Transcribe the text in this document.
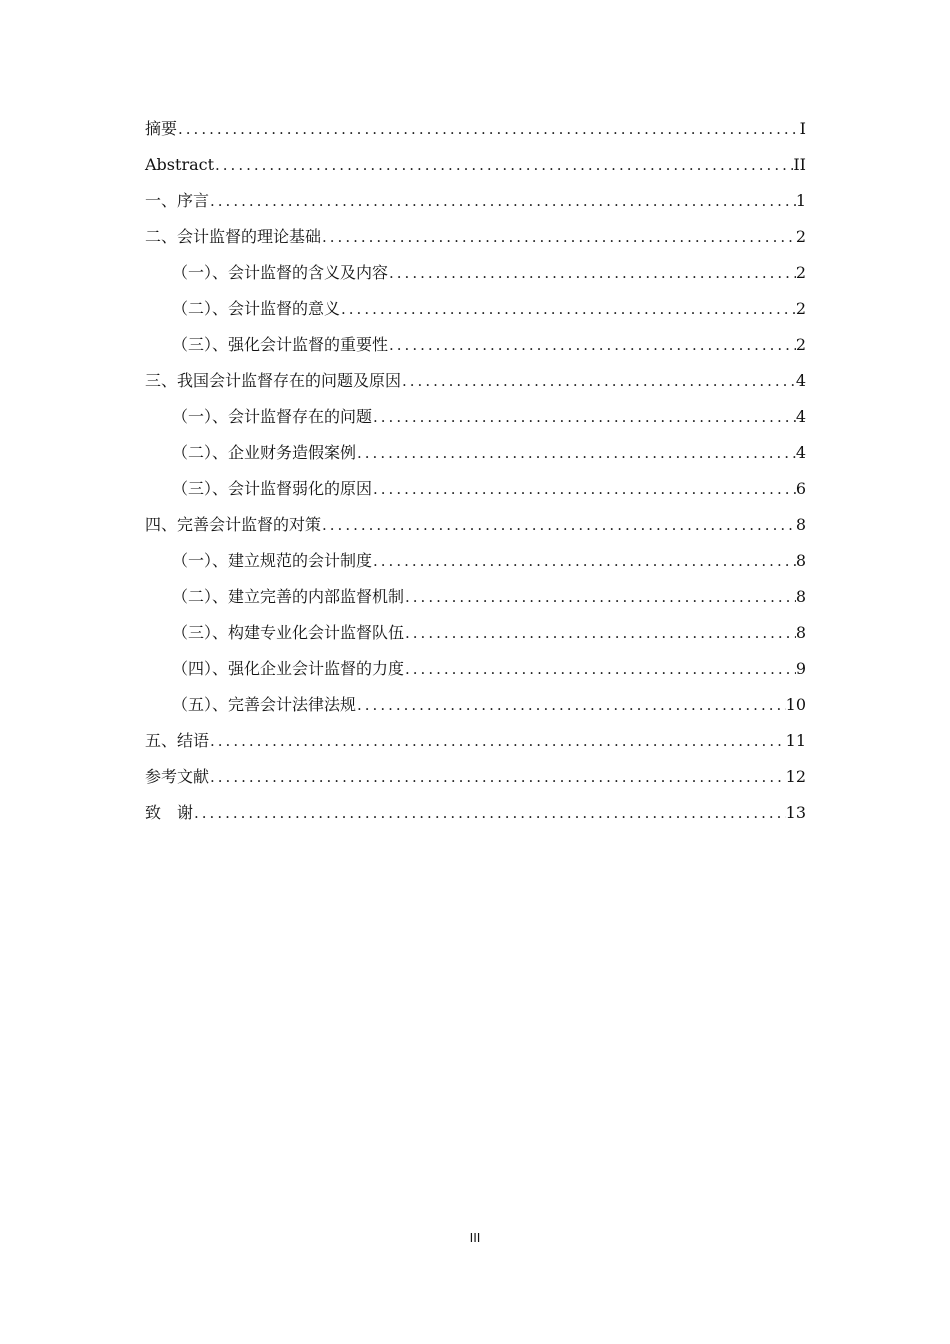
摘要 .....	I
Abstract .....	II
一、序言 .....	1
二、会计监督的理论基础 .....	2
（一）、会计监督的含义及内容 .....	2
（二）、会计监督的意义 .....	2
（三）、强化会计监督的重要性 .....	2
三、我国会计监督存在的问题及原因 .....	4
（一）、会计监督存在的问题 .....	4
（二）、企业财务造假案例 .....	4
（三）、会计监督弱化的原因 .....	6
四、完善会计监督的对策 .....	8
（一）、建立规范的会计制度 .....	8
（二）、建立完善的内部监督机制 .....	8
（三）、构建专业化会计监督队伍 .....	8
（四）、强化企业会计监督的力度 .....	9
（五）、完善会计法律法规 .....	10
五、结语 .....	11
参考文献 .....	12
致　谢 .....	13
III
